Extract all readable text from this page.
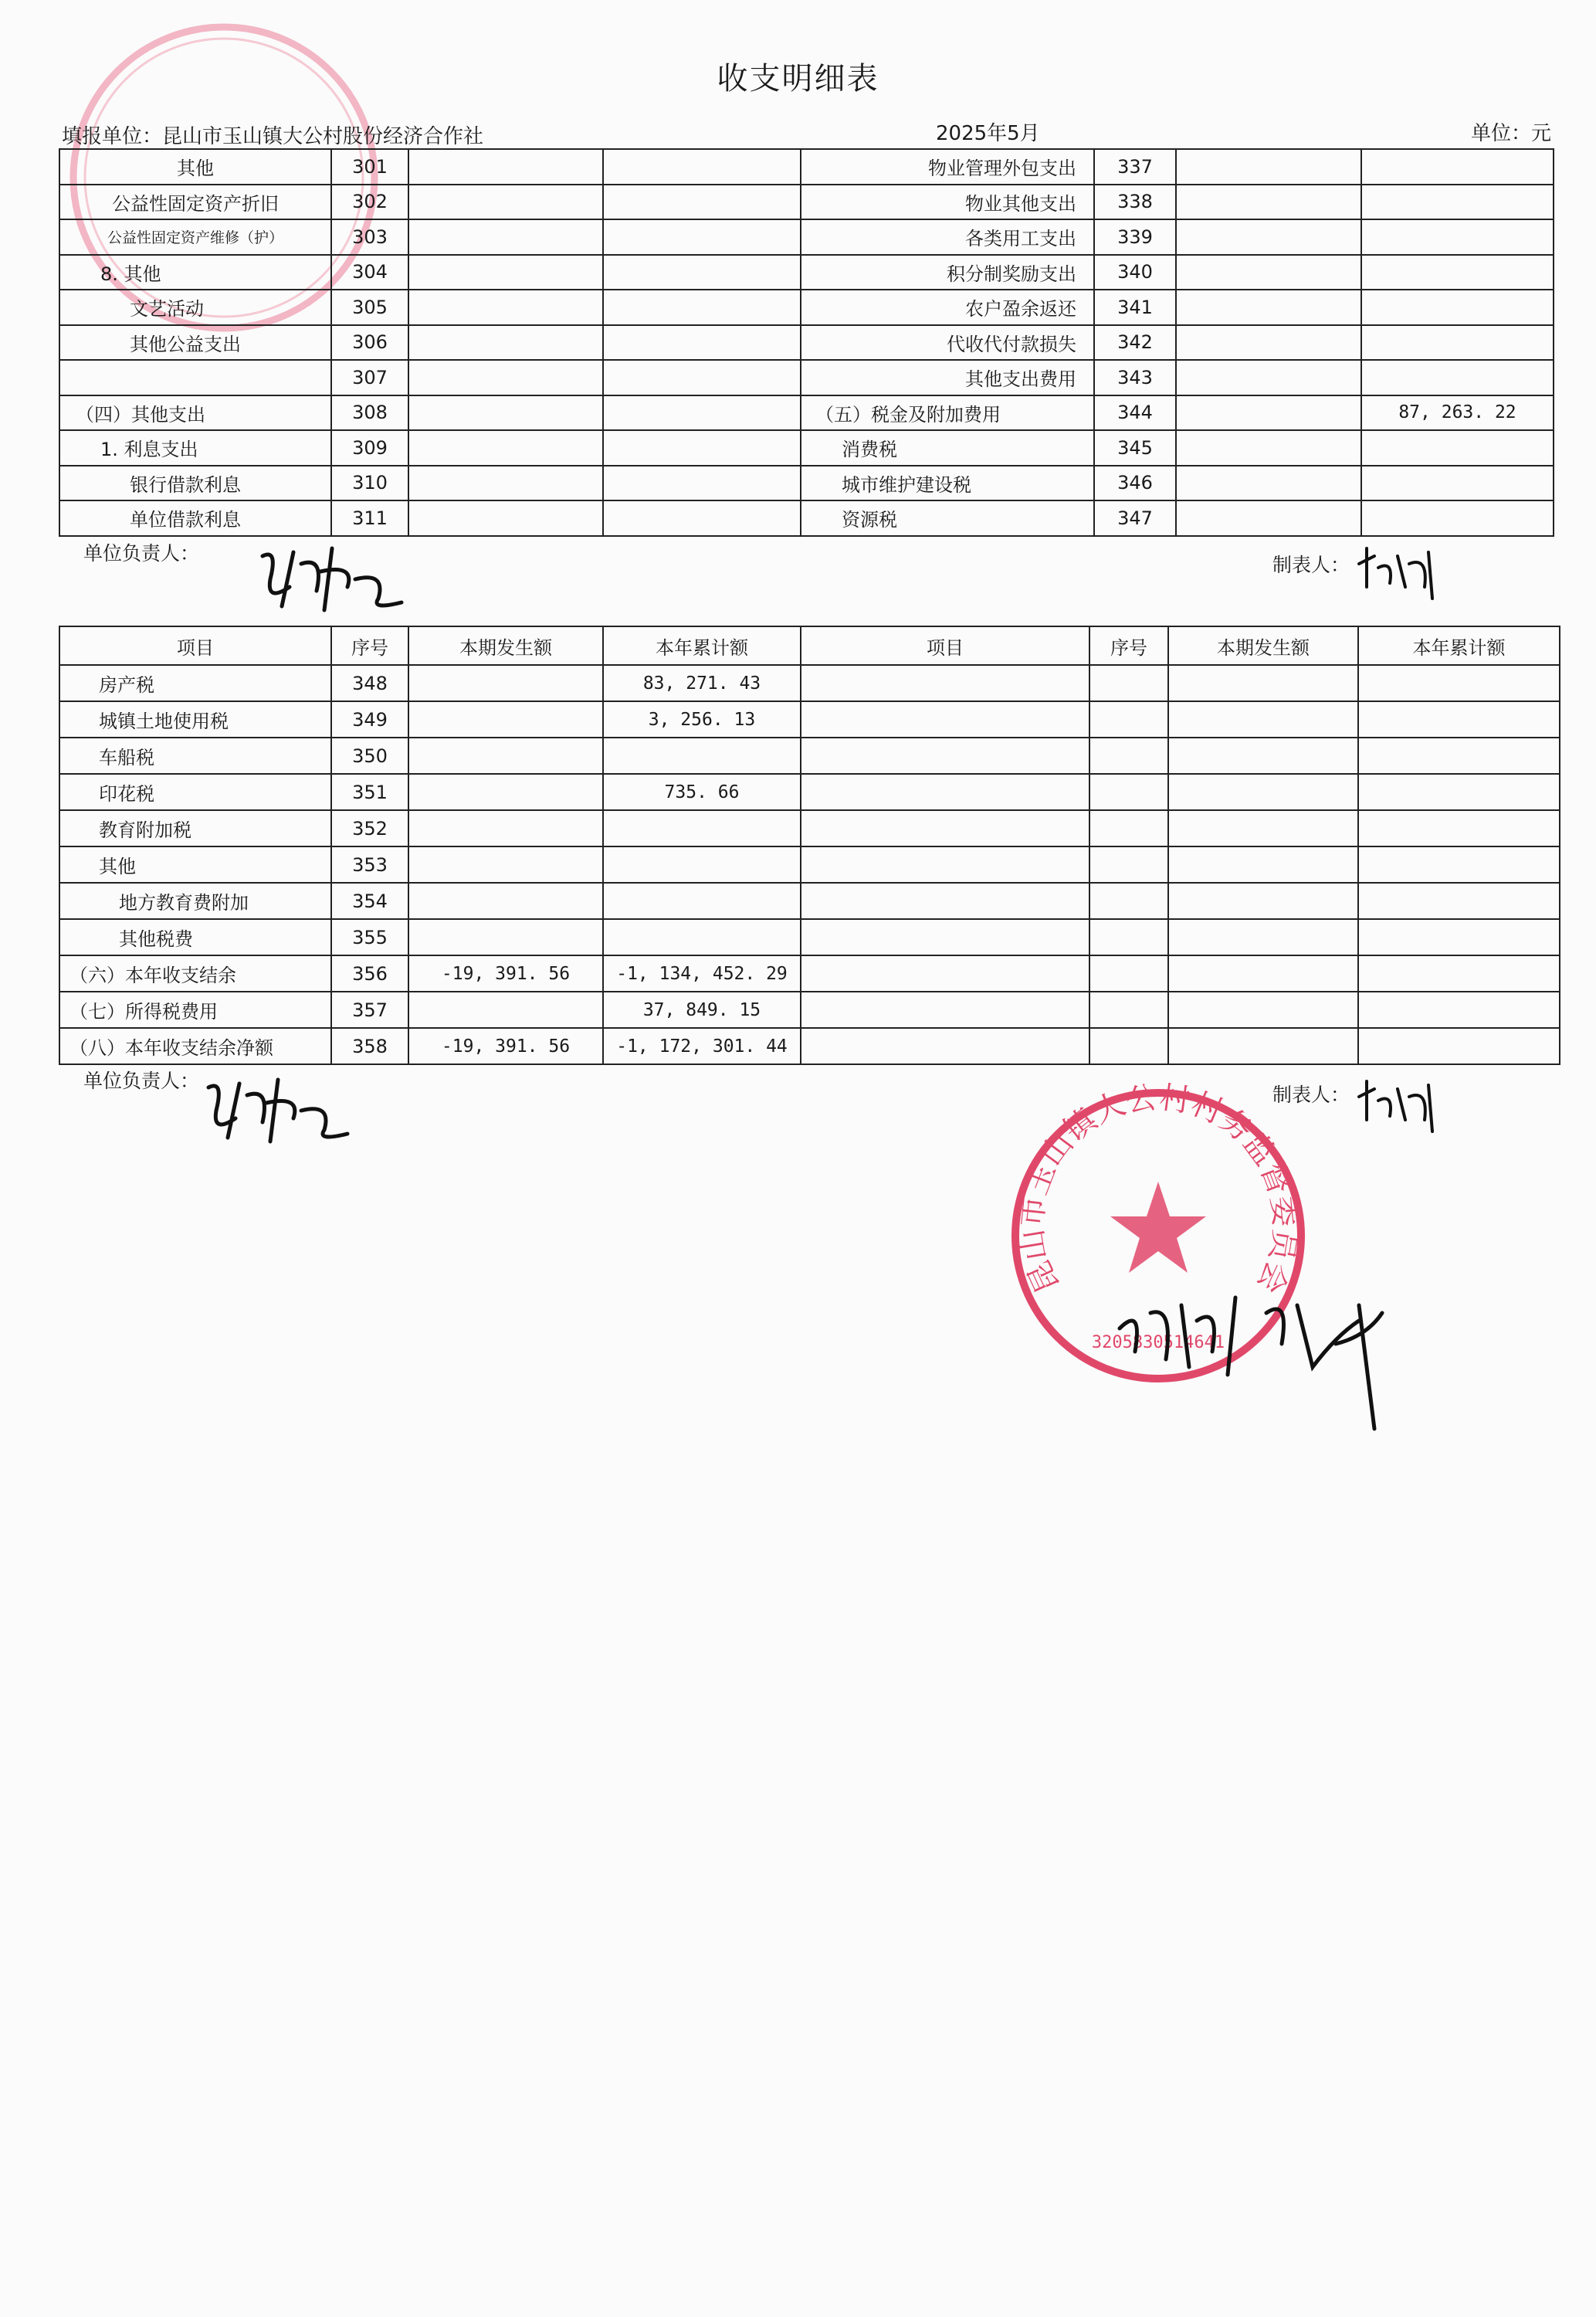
收支明细表
填报单位：昆山市玉山镇大公村股份经济合作社	2025年5月	单位：元
其他	301			物业管理外包支出	337		
公益性固定资产折旧	302			物业其他支出	338		
公益性固定资产维修（护）	303			各类用工支出	339		
8. 其他	304			积分制奖励支出	340		
文艺活动	305			农户盈余返还	341		
其他公益支出	306			代收代付款损失	342		
	307			其他支出费用	343		
（四）其他支出	308			（五）税金及附加费用	344		87, 263. 22
1. 利息支出	309			消费税	345		
银行借款利息	310			城市维护建设税	346		
单位借款利息	311			资源税	347		
单位负责人：
制表人：
项目	序号	本期发生额	本年累计额	项目	序号	本期发生额	本年累计额
房产税	348		83, 271. 43				
城镇土地使用税	349		3, 256. 13				
车船税	350						
印花税	351		735. 66				
教育附加税	352						
其他	353						
地方教育费附加	354						
其他税费	355						
（六）本年收支结余	356	-19, 391. 56	-1, 134, 452. 29				
（七）所得税费用	357		37, 849. 15				
（八）本年收支结余净额	358	-19, 391. 56	-1, 172, 301. 44				
单位负责人：
制表人：
昆山市玉山镇大公村村务监督委员会
3205830514641
